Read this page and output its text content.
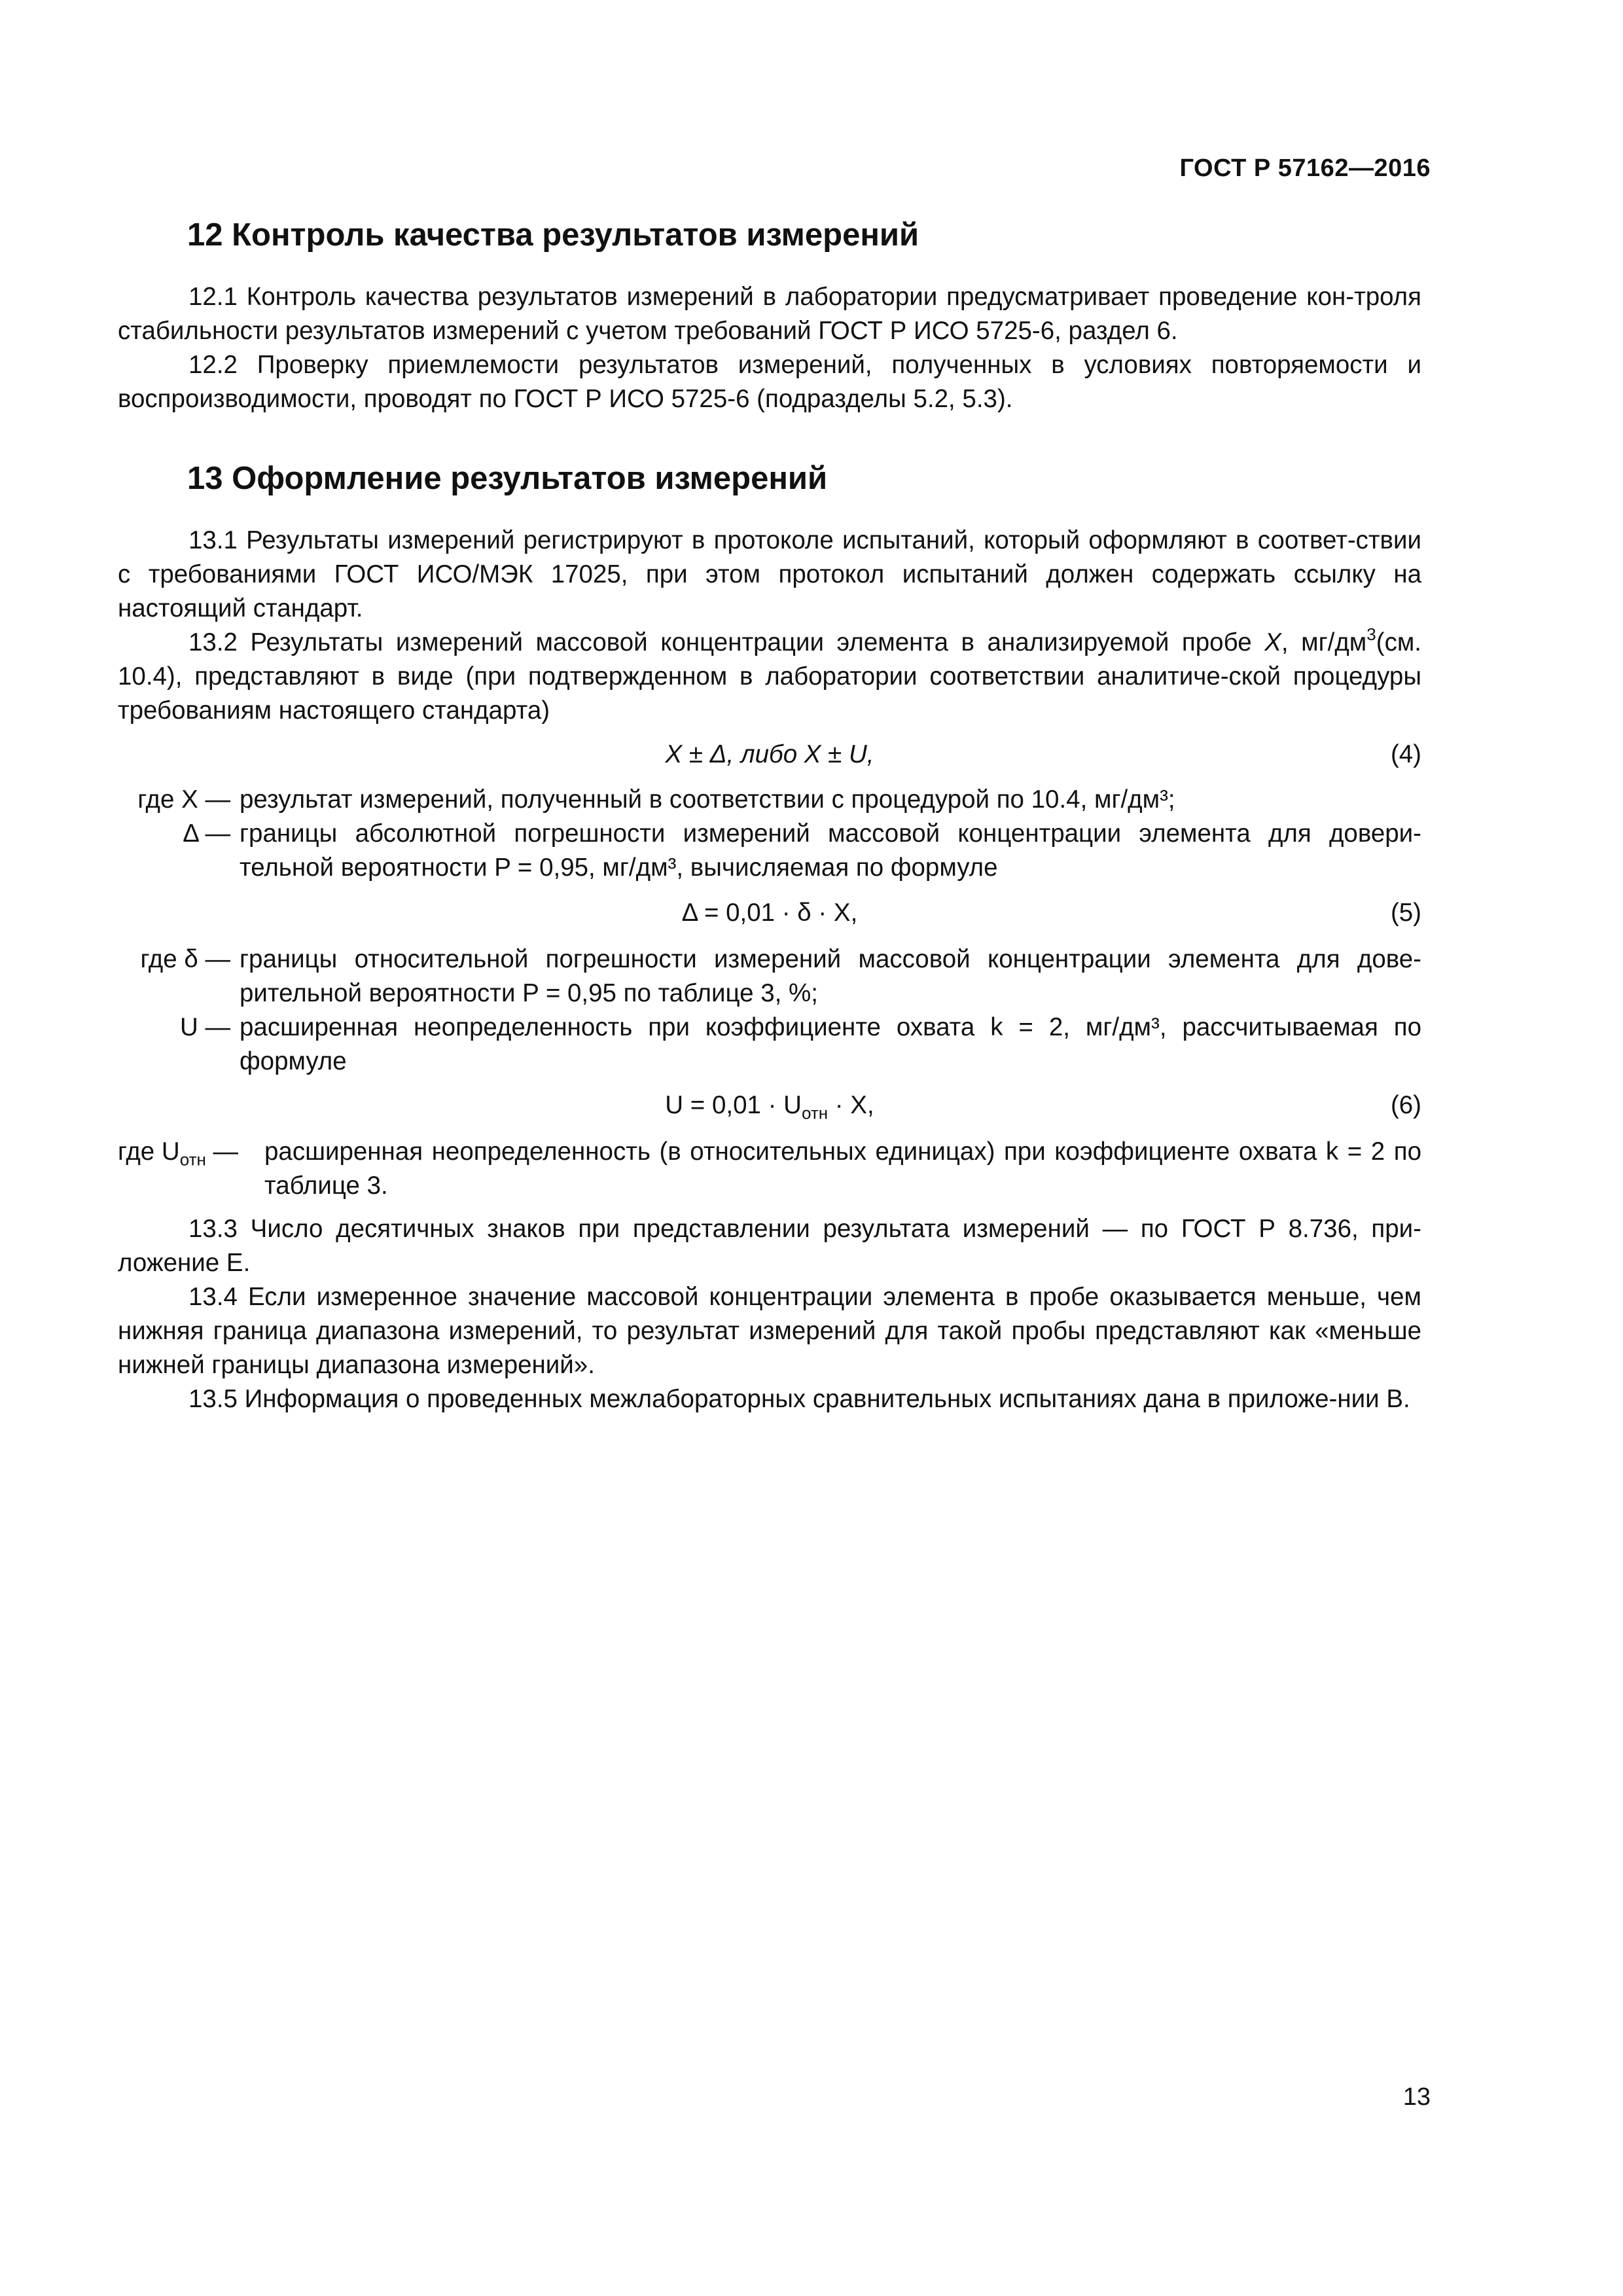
ГОСТ Р 57162—2016
12 Контроль качества результатов измерений

12.1 Контроль качества результатов измерений в лаборатории предусматривает проведение кон-троля стабильности результатов измерений с учетом требований ГОСТ Р ИСО 5725-6, раздел 6.

12.2 Проверку приемлемости результатов измерений, полученных в условиях повторяемости и воспроизводимости, проводят по ГОСТ Р ИСО 5725-6 (подразделы 5.2, 5.3).

13 Оформление результатов измерений

13.1 Результаты измерений регистрируют в протоколе испытаний, который оформляют в соответ-ствии с требованиями ГОСТ ИСО/МЭК 17025, при этом протокол испытаний должен содержать ссылку на настоящий стандарт.

13.2 Результаты измерений массовой концентрации элемента в анализируемой пробе X, $мг/дм^3(см$. 10.4), представляют в виде (при подтвержденном в лаборатории соответствии аналитиче-ской процедуры требованиям настоящего стандарта)

X ± Δ, либо X ± U,	(4)
где X — результат измерений, полученный в соответствии с процедурой по 10.4, мг/дм³;
Δ — границы абсолютной погрешности измерений массовой концентрации элемента для довери-тельной вероятности P = 0,95, мг/дм³, вычисляемая по формуле
Δ = 0,01 · δ · X,	(5)
где δ — границы относительной погрешности измерений массовой концентрации элемента для дове-рительной вероятности P = 0,95 по таблице 3, %;
U — расширенная неопределенность при коэффициенте охвата k = 2, мг/дм³, рассчитываемая по формуле
$U = 0,01 \cdot U_{отн} \cdot X$,	(6)
где $U_{отн}$ —	расширенная неопределенность (в относительных единицах) при коэффициенте охвата k = 2 по таблице 3.

13.3 Число десятичных знаков при представлении результата измерений — по ГОСТ Р 8.736, при-ложение Е.

13.4 Если измеренное значение массовой концентрации элемента в пробе оказывается меньше, чем нижняя граница диапазона измерений, то результат измерений для такой пробы представляют как «меньше нижней границы диапазона измерений».

13.5 Информация о проведенных межлабораторных сравнительных испытаниях дана в приложе-нии В.

13
